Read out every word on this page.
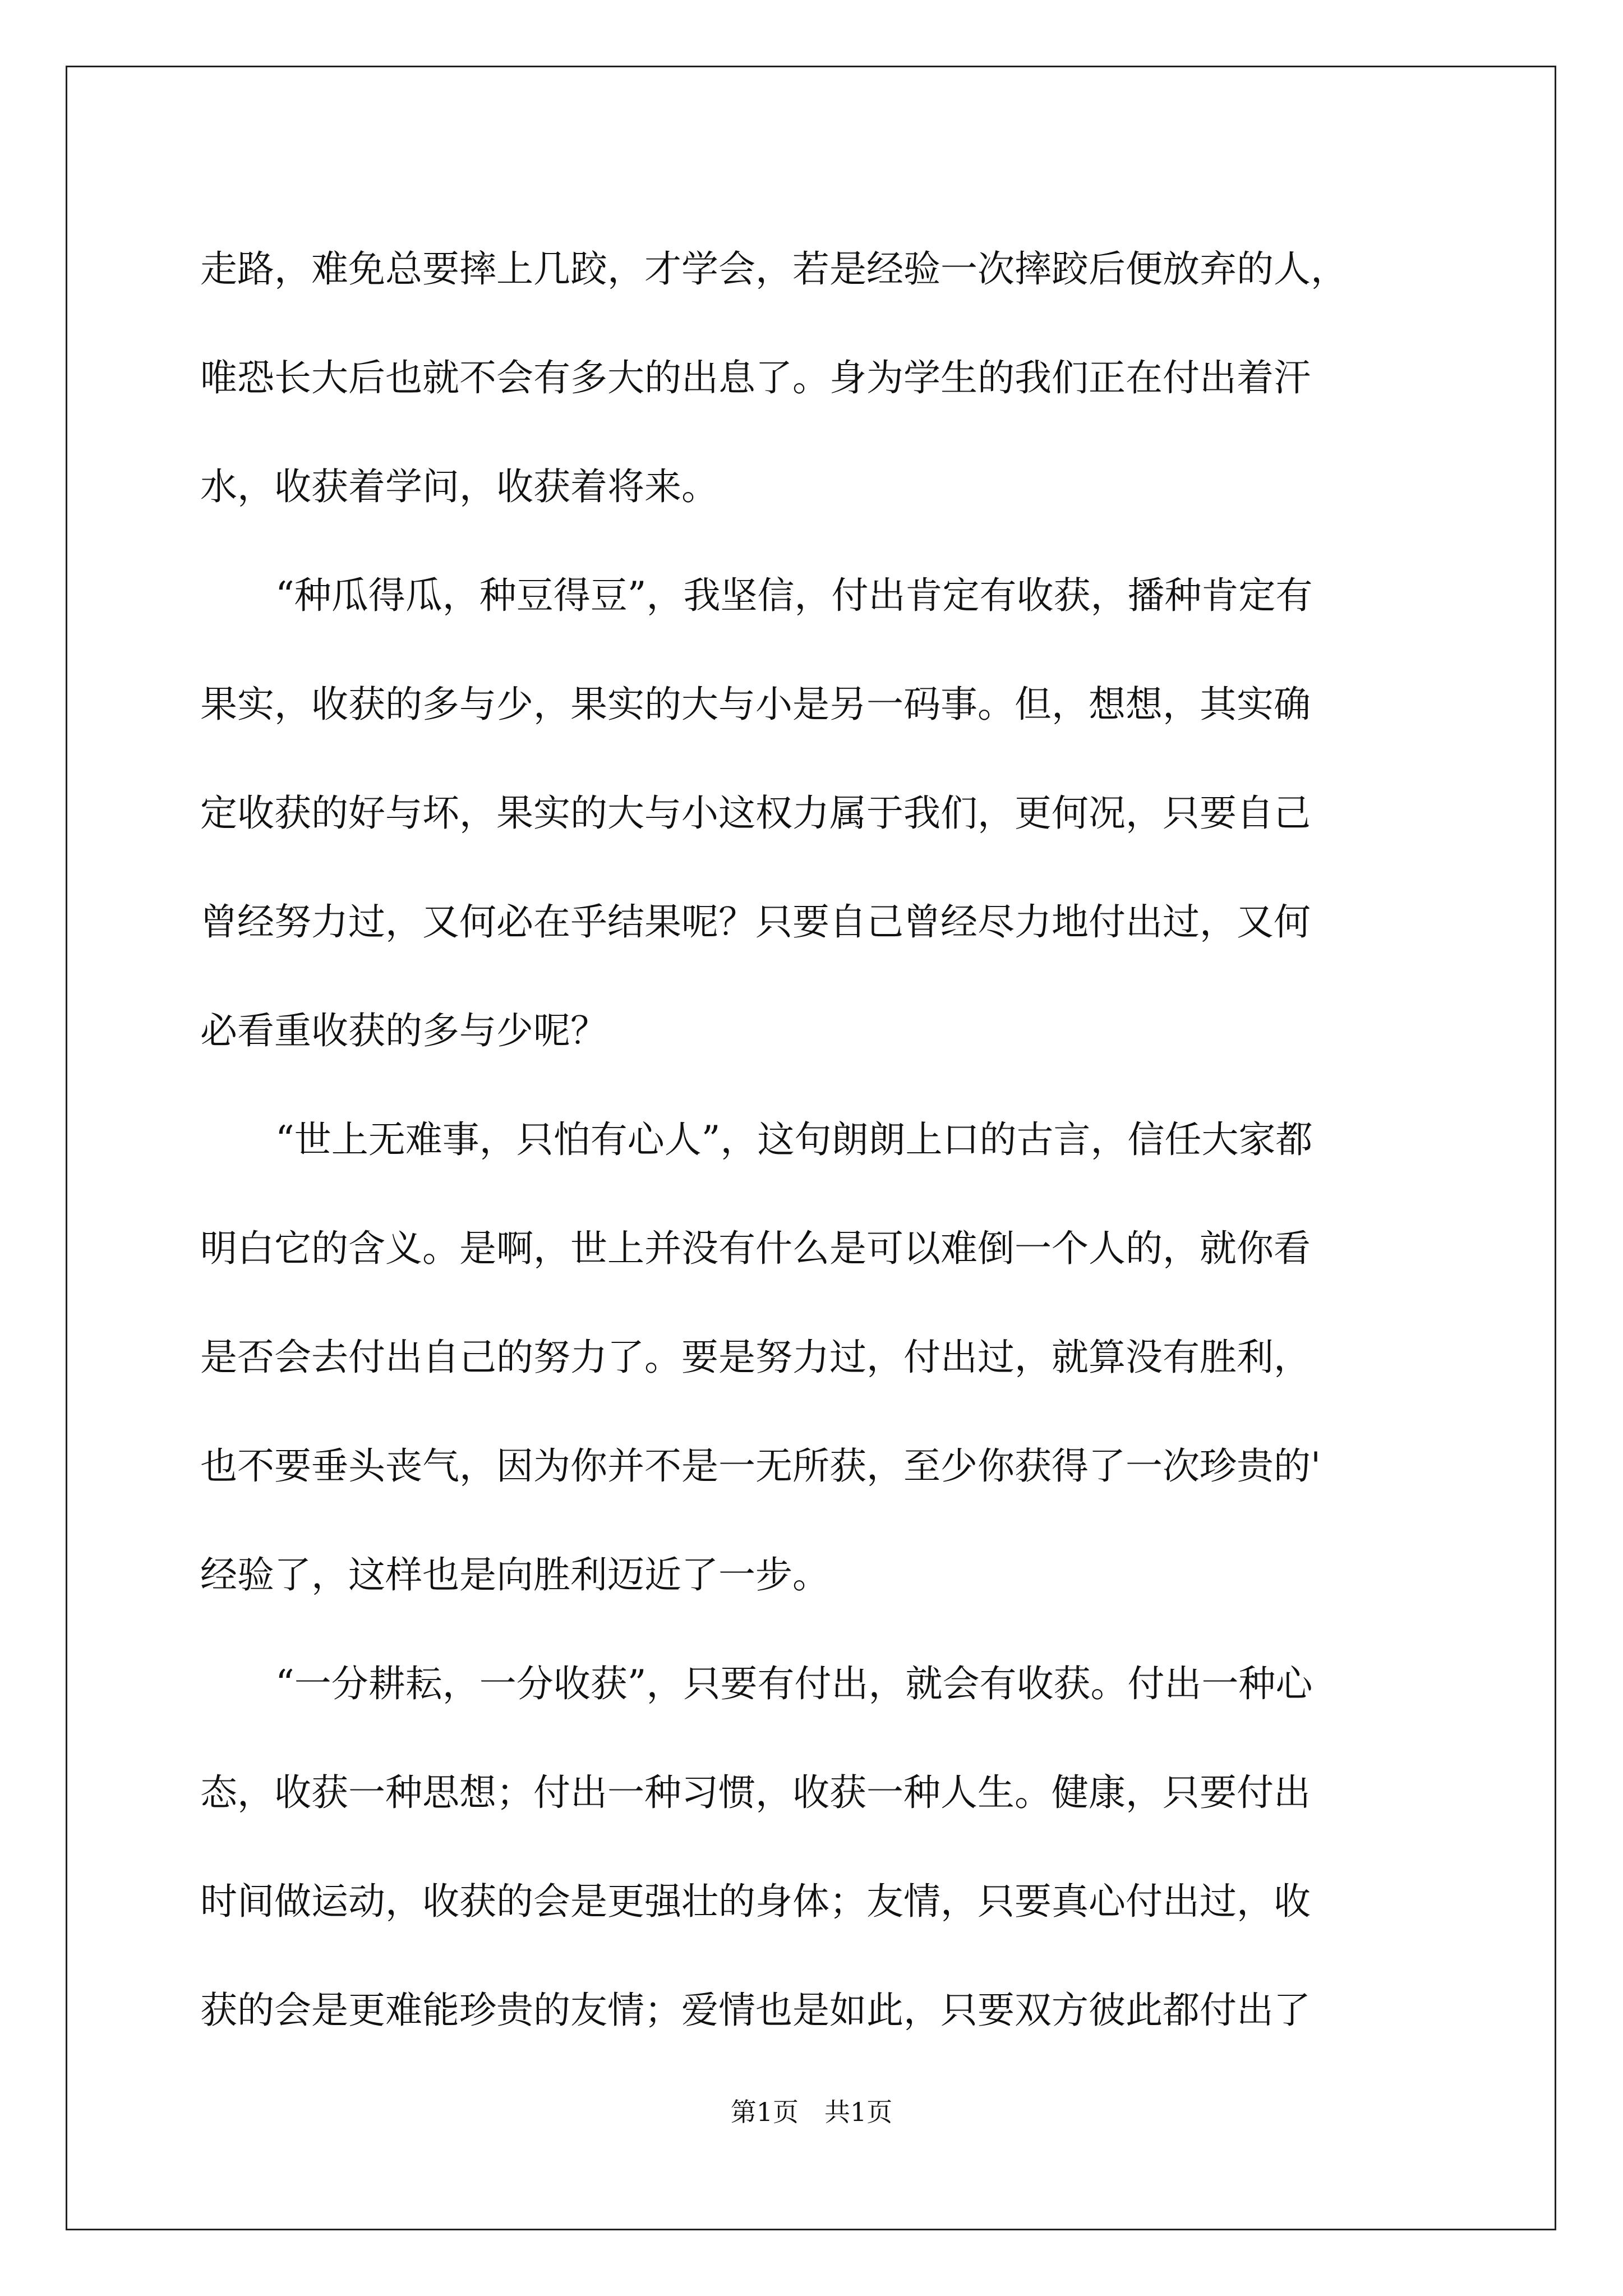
走路，难免总要摔上几跤，才学会，若是经验一次摔跤后便放弃的人，
唯恐长大后也就不会有多大的出息了。身为学生的我们正在付出着汗
水，收获着学问，收获着将来。
“种瓜得瓜，种豆得豆”，我坚信，付出肯定有收获，播种肯定有
果实，收获的多与少，果实的大与小是另一码事。但，想想，其实确
定收获的好与坏，果实的大与小这权力属于我们，更何况，只要自己
曾经努力过，又何必在乎结果呢？只要自己曾经尽力地付出过，又何
必看重收获的多与少呢？
“世上无难事，只怕有心人”，这句朗朗上口的古言，信任大家都
明白它的含义。是啊，世上并没有什么是可以难倒一个人的，就你看
是否会去付出自己的努力了。要是努力过，付出过，就算没有胜利，
也不要垂头丧气，因为你并不是一无所获，至少你获得了一次珍贵的'
经验了，这样也是向胜利迈近了一步。
“一分耕耘，一分收获”，只要有付出，就会有收获。付出一种心
态，收获一种思想；付出一种习惯，收获一种人生。健康，只要付出
时间做运动，收获的会是更强壮的身体；友情，只要真心付出过，收
获的会是更难能珍贵的友情；爱情也是如此，只要双方彼此都付出了
第1页　共1页
